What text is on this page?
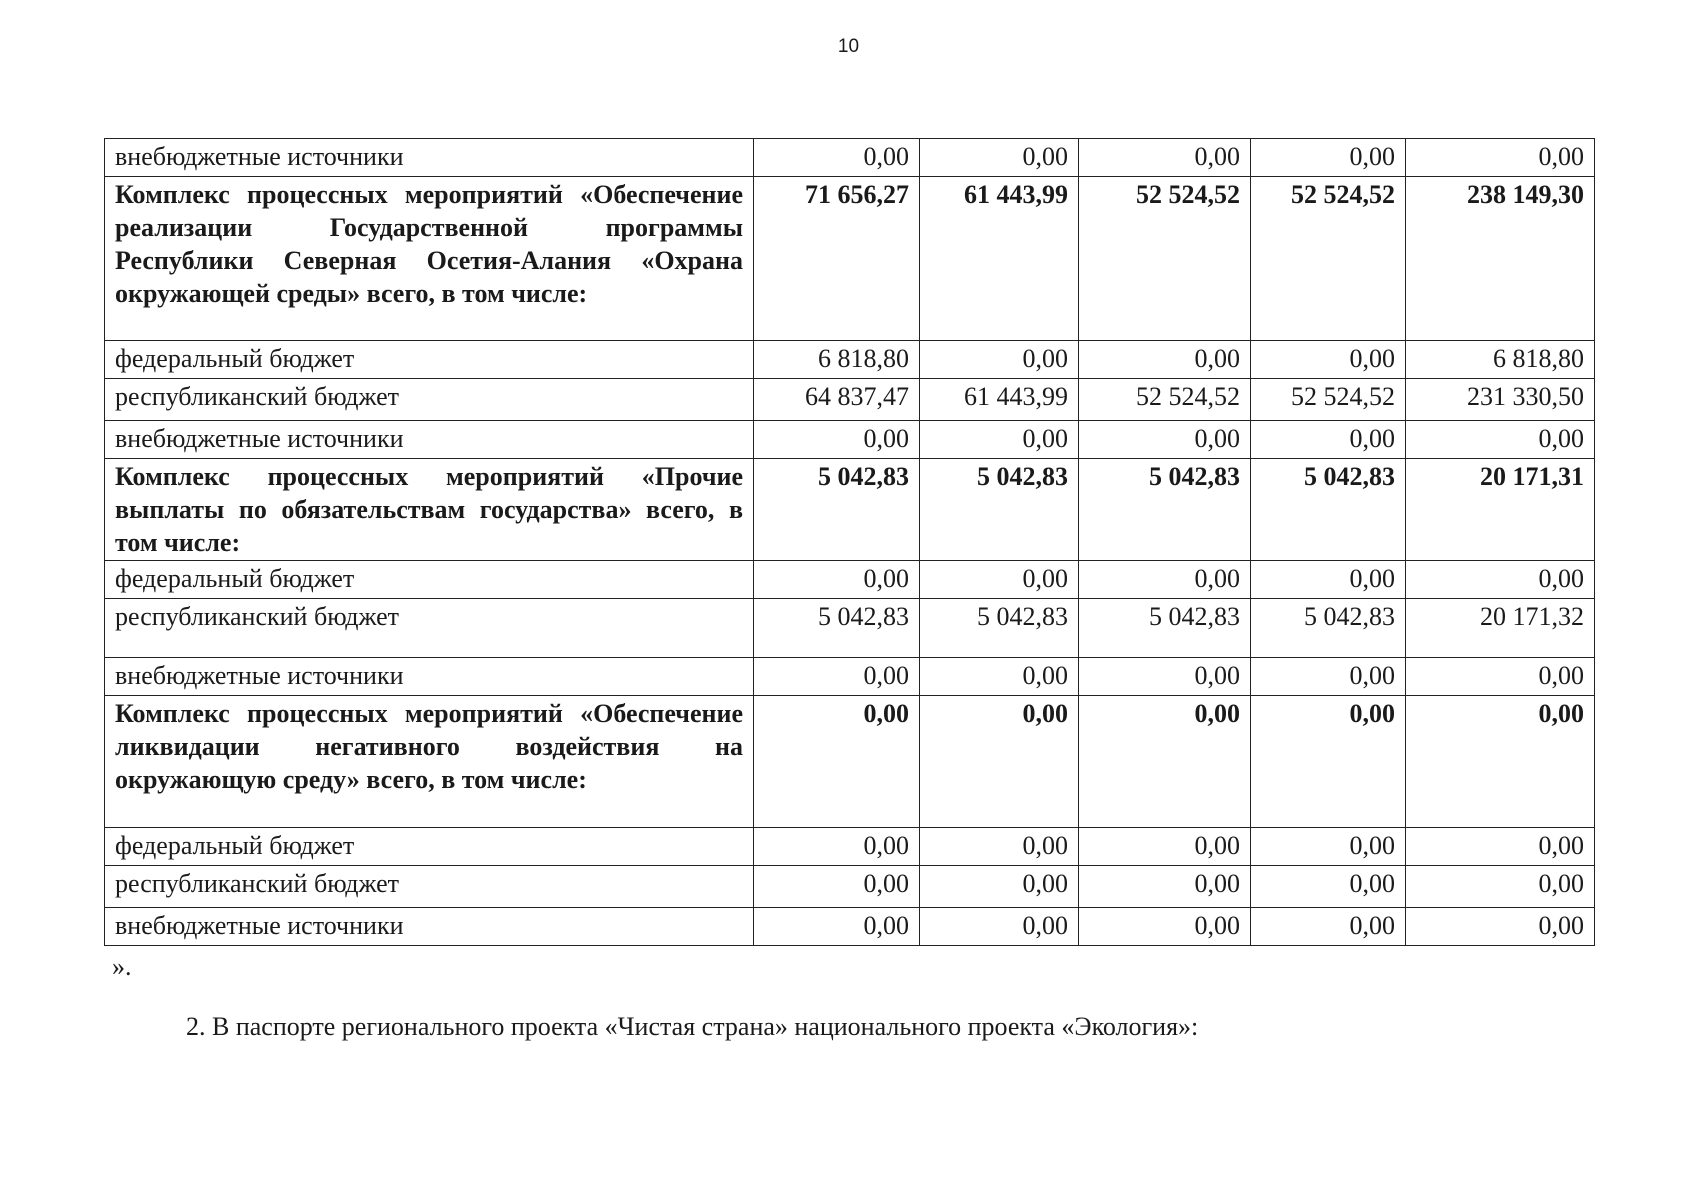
10
внебюджетные источники	0,00	0,00	0,00	0,00	0,00
Комплекс процессных мероприятий «Обеспечение реализации Государственной программы Республики Северная Осетия-Алания «Охрана окружающей среды» всего, в том числе:	71 656,27	61 443,99	52 524,52	52 524,52	238 149,30
федеральный бюджет	6 818,80	0,00	0,00	0,00	6 818,80
республиканский бюджет	64 837,47	61 443,99	52 524,52	52 524,52	231 330,50
внебюджетные источники	0,00	0,00	0,00	0,00	0,00
Комплекс процессных мероприятий «Прочие выплаты по обязательствам государства» всего, в том числе:	5 042,83	5 042,83	5 042,83	5 042,83	20 171,31
федеральный бюджет	0,00	0,00	0,00	0,00	0,00
республиканский бюджет	5 042,83	5 042,83	5 042,83	5 042,83	20 171,32
внебюджетные источники	0,00	0,00	0,00	0,00	0,00
Комплекс процессных мероприятий «Обеспечение ликвидации негативного воздействия на окружающую среду» всего, в том числе:	0,00	0,00	0,00	0,00	0,00
федеральный бюджет	0,00	0,00	0,00	0,00	0,00
республиканский бюджет	0,00	0,00	0,00	0,00	0,00
внебюджетные источники	0,00	0,00	0,00	0,00	0,00
».
2. В паспорте регионального проекта «Чистая страна» национального проекта «Экология»:
